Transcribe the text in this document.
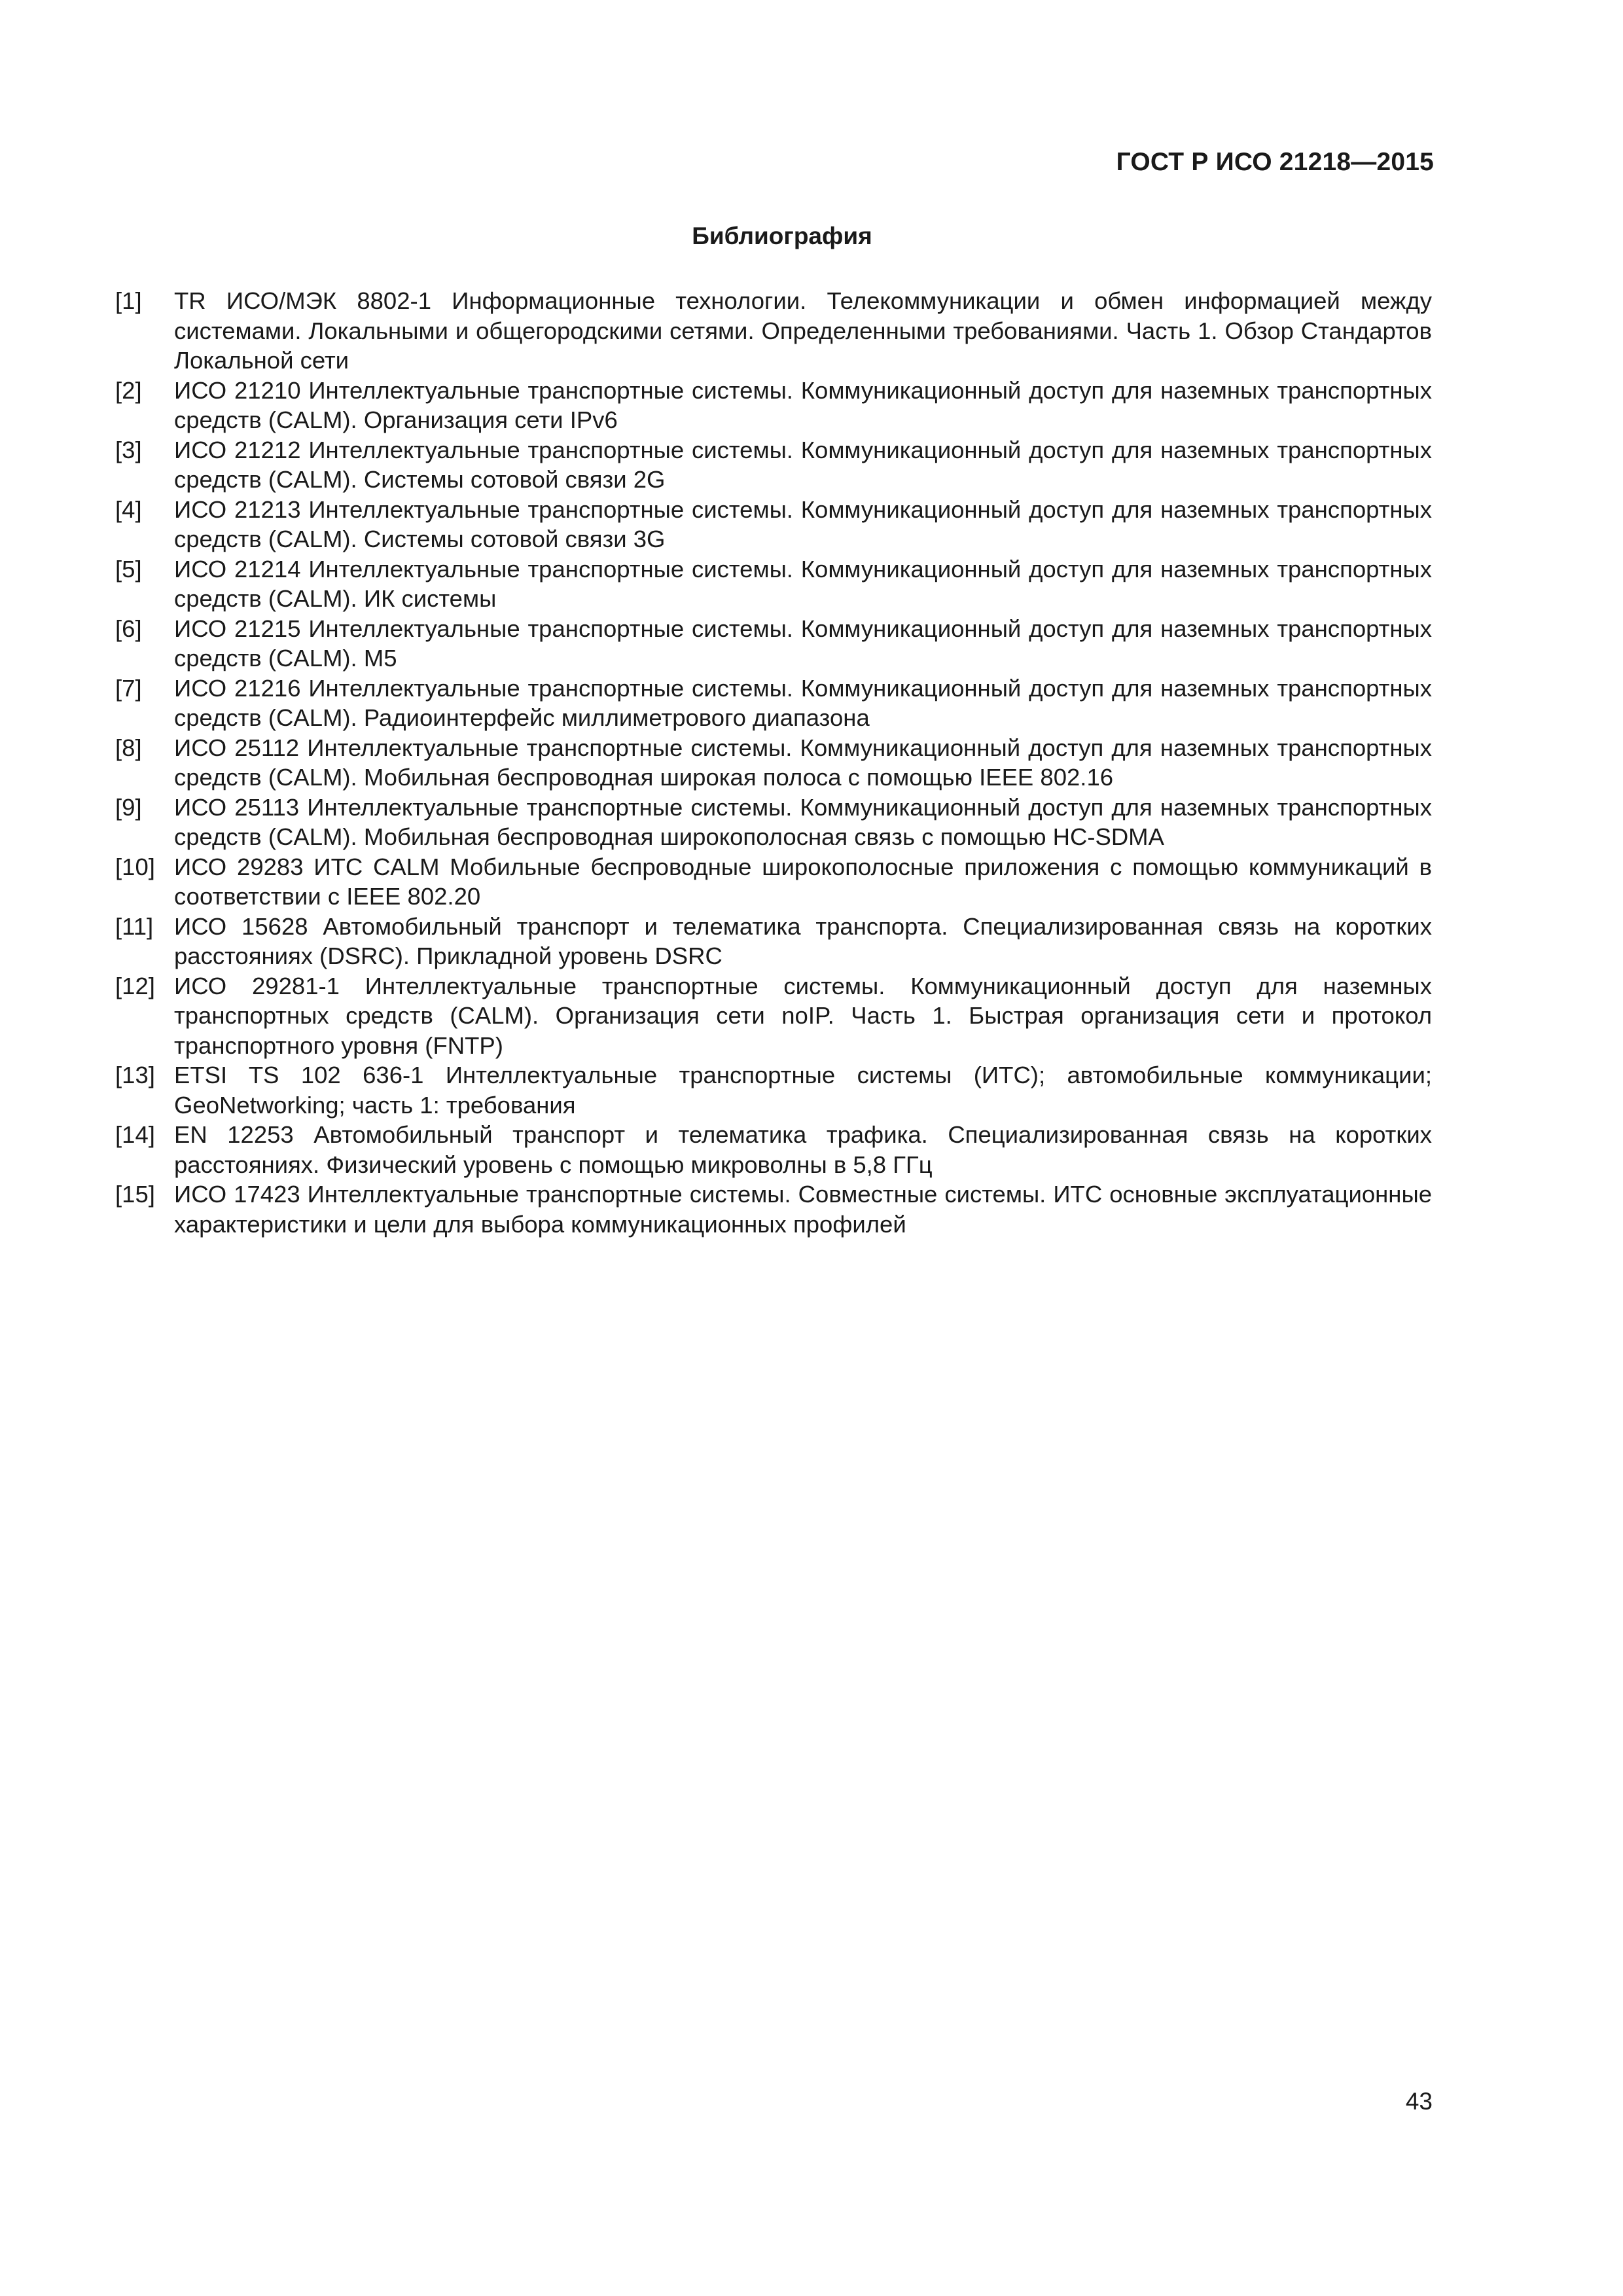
ГОСТ Р ИСО 21218—2015
Библиография
[1]	TR ИСО/МЭК 8802-1 Информационные технологии. Телекоммуникации и обмен информацией между системами. Локальными и общегородскими сетями. Определенными требованиями. Часть 1. Обзор Стандартов Локальной сети
[2]	ИСО 21210 Интеллектуальные транспортные системы. Коммуникационный доступ для наземных транспортных средств (CALM). Организация сети IPv6
[3]	ИСО 21212 Интеллектуальные транспортные системы. Коммуникационный доступ для наземных транспортных средств (CALM). Системы сотовой связи 2G
[4]	ИСО 21213 Интеллектуальные транспортные системы. Коммуникационный доступ для наземных транспортных средств (CALM). Системы сотовой связи 3G
[5]	ИСО 21214 Интеллектуальные транспортные системы. Коммуникационный доступ для наземных транспортных средств (CALM). ИК системы
[6]	ИСО 21215 Интеллектуальные транспортные системы. Коммуникационный доступ для наземных транспортных средств (CALM). M5
[7]	ИСО 21216 Интеллектуальные транспортные системы. Коммуникационный доступ для наземных транспортных средств (CALM). Радиоинтерфейс миллиметрового диапазона
[8]	ИСО 25112 Интеллектуальные транспортные системы. Коммуникационный доступ для наземных транспортных средств (CALM). Мобильная беспроводная широкая полоса с помощью IEEE 802.16
[9]	ИСО 25113 Интеллектуальные транспортные системы. Коммуникационный доступ для наземных транспортных средств (CALM). Мобильная беспроводная широкополосная связь с помощью HC-SDMA
[10] ИСО 29283 ИТС CALM Мобильные беспроводные широкополосные приложения с помощью коммуникаций в соответствии с IEEE 802.20
[11] ИСО 15628 Автомобильный транспорт и телематика транспорта. Специализированная связь на коротких расстояниях (DSRC). Прикладной уровень DSRC
[12] ИСО 29281-1 Интеллектуальные транспортные системы. Коммуникационный доступ для наземных транспортных средств (CALM). Организация сети noIP. Часть 1. Быстрая организация сети и протокол транспортного уровня (FNTP)
[13] ETSI TS 102 636-1 Интеллектуальные транспортные системы (ИТС); автомобильные коммуникации; GeoNetworking; часть 1: требования
[14] EN 12253 Автомобильный транспорт и телематика трафика. Специализированная связь на коротких расстояниях. Физический уровень с помощью микроволны в 5,8 ГГц
[15] ИСО 17423 Интеллектуальные транспортные системы. Совместные системы. ИТС основные эксплуатационные характеристики и цели для выбора коммуникационных профилей
43
